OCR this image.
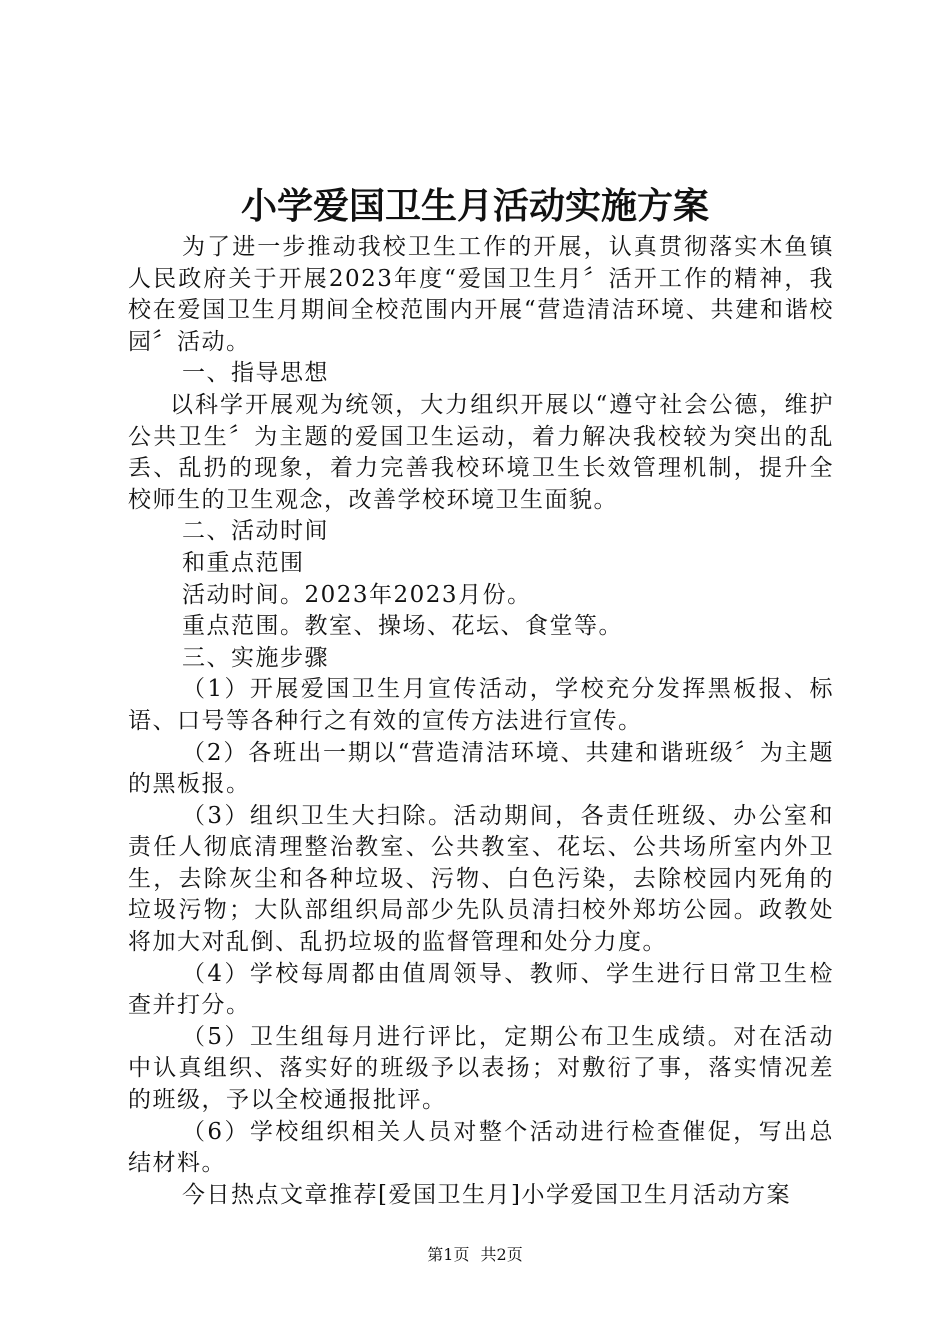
小学爱国卫生月活动实施方案

为了进一步推动我校卫生工作的开展，认真贯彻落实木鱼镇人民政府关于开展2023年度“爱国卫生月〞活开工作的精神，我校在爱国卫生月期间全校范围内开展“营造清洁环境、共建和谐校园〞活动。

一、指导思想

以科学开展观为统领，大力组织开展以“遵守社会公德，维护公共卫生〞为主题的爱国卫生运动，着力解决我校较为突出的乱丢、乱扔的现象，着力完善我校环境卫生长效管理机制，提升全校师生的卫生观念，改善学校环境卫生面貌。

二、活动时间

和重点范围

活动时间。2023年2023月份。

重点范围。教室、操场、花坛、食堂等。

三、实施步骤

（1）开展爱国卫生月宣传活动，学校充分发挥黑板报、标语、口号等各种行之有效的宣传方法进行宣传。

（2）各班出一期以“营造清洁环境、共建和谐班级〞为主题的黑板报。

（3）组织卫生大扫除。活动期间，各责任班级、办公室和责任人彻底清理整治教室、公共教室、花坛、公共场所室内外卫生，去除灰尘和各种垃圾、污物、白色污染，去除校园内死角的垃圾污物；大队部组织局部少先队员清扫校外郑坊公园。政教处将加大对乱倒、乱扔垃圾的监督管理和处分力度。

（4）学校每周都由值周领导、教师、学生进行日常卫生检查并打分。

（5）卫生组每月进行评比，定期公布卫生成绩。对在活动中认真组织、落实好的班级予以表扬；对敷衍了事，落实情况差的班级，予以全校通报批评。

（6）学校组织相关人员对整个活动进行检查催促，写出总结材料。

今日热点文章推荐[爱国卫生月]小学爱国卫生月活动方案

第1页 共2页
